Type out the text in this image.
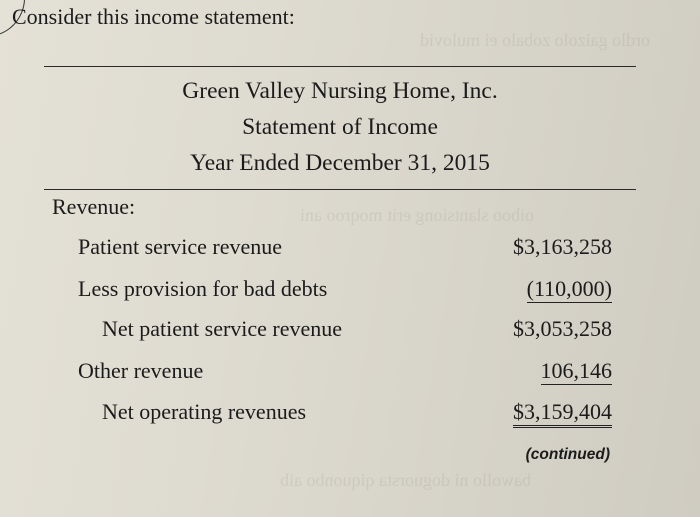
ordlo gaizolo zobalo ei mulovid
oiboo slantsiong erit moqroo ani
bawollo ni doguorsta qiquonbo aib
Consider this income statement:
Green Valley Nursing Home, Inc.
Statement of Income
Year Ended December 31, 2015
Revenue:
Patient service revenue	$3,163,258
Less provision for bad debts	(110,000)
Net patient service revenue	$3,053,258
Other revenue	106,146
Net operating revenues	$3,159,404
(continued)
